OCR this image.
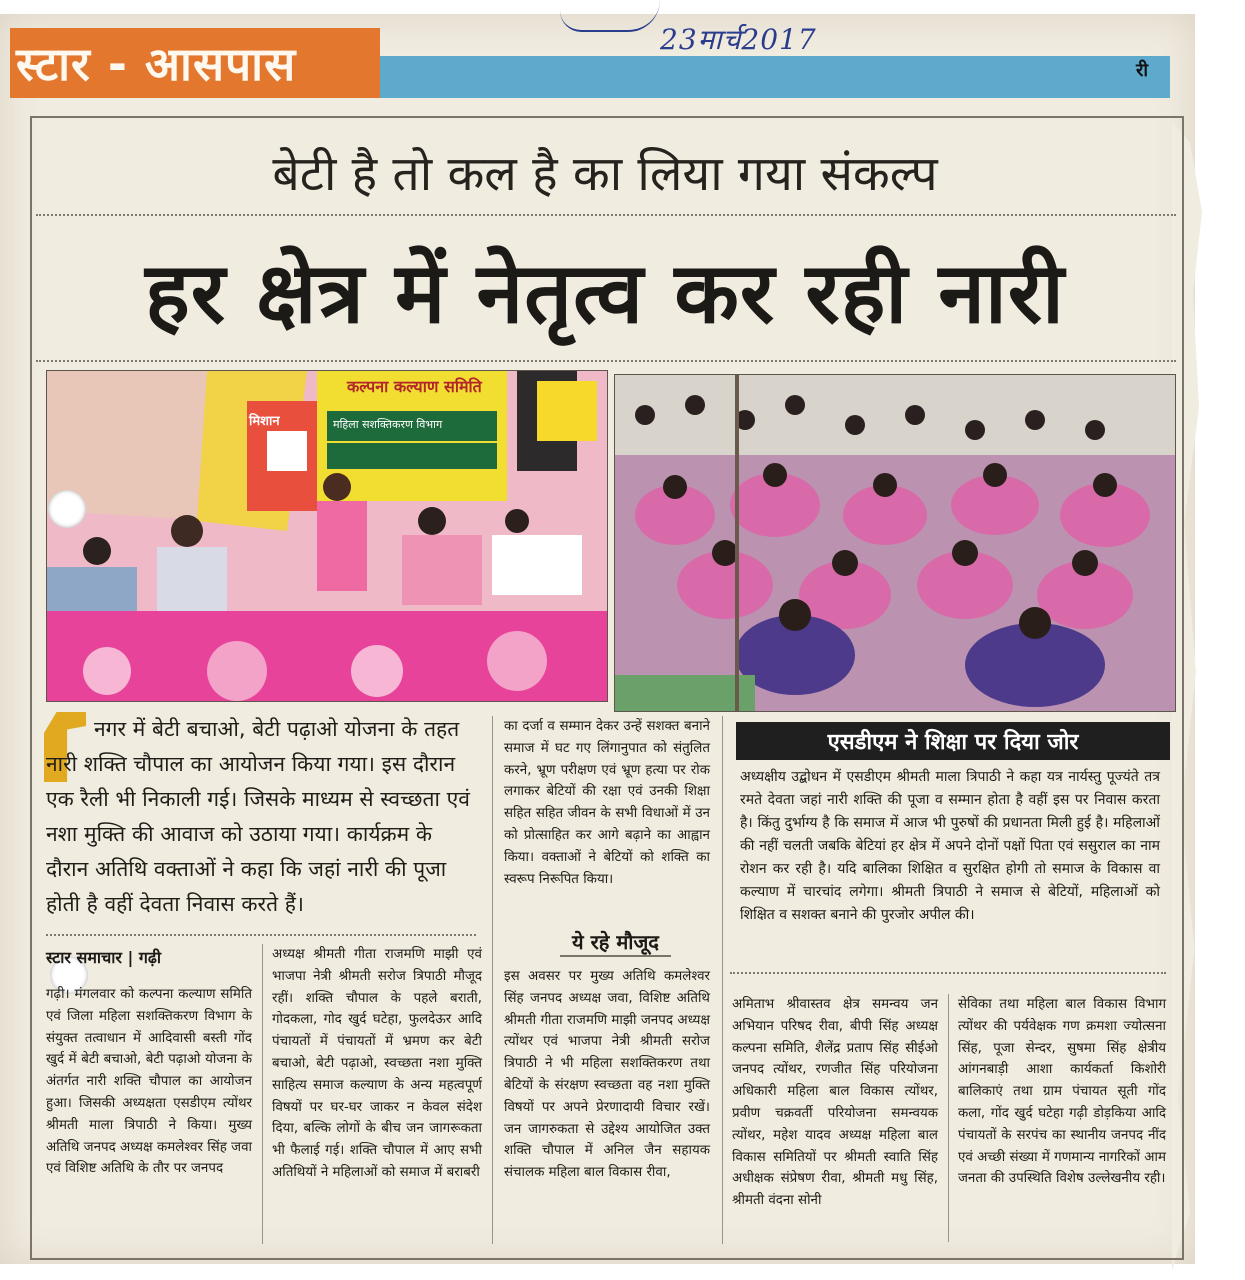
23मार्च2017
स्टार - आसपास	री
बेटी है तो कल है का लिया गया संकल्प
हर क्षेत्र में नेतृत्व कर रही नारी
कल्पना कल्याण समिति
महिला सशक्तिकरण विभाग
मिशान
नगर में बेटी बचाओ, बेटी पढ़ाओ योजना के तहत नारी शक्ति चौपाल का आयोजन किया गया। इस दौरान एक रैली भी निकाली गई। जिसके माध्यम से स्वच्छता एवं नशा मुक्ति की आवाज को उठाया गया। कार्यक्रम के दौरान अतिथि वक्ताओं ने कहा कि जहां नारी की पूजा होती है वहीं देवता निवास करते हैं।
स्टार समाचार | गढ़ी
गढ़ी। मंगलवार को कल्पना कल्याण समिति एवं जिला महिला सशक्तिकरण विभाग के संयुक्त तत्वाधान में आदिवासी बस्ती गोंद खुर्द में बेटी बचाओ, बेटी पढ़ाओ योजना के अंतर्गत नारी शक्ति चौपाल का आयोजन हुआ। जिसकी अध्यक्षता एसडीएम त्योंथर श्रीमती माला त्रिपाठी ने किया। मुख्य अतिथि जनपद अध्यक्ष कमलेश्वर सिंह जवा एवं विशिष्ट अतिथि के तौर पर जनपद
अध्यक्ष श्रीमती गीता राजमणि माझी एवं भाजपा नेत्री श्रीमती सरोज त्रिपाठी मौजूद रहीं। शक्ति चौपाल के पहले बराती, गोदकला, गोद खुर्द घटेहा, फुलदेऊर आदि पंचायतों में पंचायतों में भ्रमण कर बेटी बचाओ, बेटी पढ़ाओ, स्वच्छता नशा मुक्ति साहित्य समाज कल्याण के अन्य महत्वपूर्ण विषयों पर घर-घर जाकर न केवल संदेश दिया, बल्कि लोगों के बीच जन जागरूकता भी फैलाई गई। शक्ति चौपाल में आए सभी अतिथियों ने महिलाओं को समाज में बराबरी
का दर्जा व सम्मान देकर उन्हें सशक्त बनाने समाज में घट गए लिंगानुपात को संतुलित करने, भ्रूण परीक्षण एवं भ्रूण हत्या पर रोक लगाकर बेटियों की रक्षा एवं उनकी शिक्षा सहित सहित जीवन के सभी विधाओं में उन को प्रोत्साहित कर आगे बढ़ाने का आह्वान किया। वक्ताओं ने बेटियों को शक्ति का स्वरूप निरूपित किया।
ये रहे मौजूद
इस अवसर पर मुख्य अतिथि कमलेश्वर सिंह जनपद अध्यक्ष जवा, विशिष्ट अतिथि श्रीमती गीता राजमणि माझी जनपद अध्यक्ष त्योंथर एवं भाजपा नेत्री श्रीमती सरोज त्रिपाठी ने भी महिला सशक्तिकरण तथा बेटियों के संरक्षण स्वच्छता वह नशा मुक्ति विषयों पर अपने प्रेरणादायी विचार रखें। जन जागरुकता से उद्देश्य आयोजित उक्त शक्ति चौपाल में अनिल जैन सहायक संचालक महिला बाल विकास रीवा,
एसडीएम ने शिक्षा पर दिया जोर
अध्यक्षीय उद्बोधन में एसडीएम श्रीमती माला त्रिपाठी ने कहा यत्र नार्यस्तु पूज्यंते तत्र रमते देवता जहां नारी शक्ति की पूजा व सम्मान होता है वहीं इस पर निवास करता है। किंतु दुर्भाग्य है कि समाज में आज भी पुरुषों की प्रधानता मिली हुई है। महिलाओं की नहीं चलती जबकि बेटियां हर क्षेत्र में अपने दोनों पक्षों पिता एवं ससुराल का नाम रोशन कर रही है। यदि बालिका शिक्षित व सुरक्षित होगी तो समाज के विकास वा कल्याण में चारचांद लगेगा। श्रीमती त्रिपाठी ने समाज से बेटियों, महिलाओं को शिक्षित व सशक्त बनाने की पुरजोर अपील की।
अमिताभ श्रीवास्तव क्षेत्र समन्वय जन अभियान परिषद रीवा, बीपी सिंह अध्यक्ष कल्पना समिति, शैलेंद्र प्रताप सिंह सीईओ जनपद त्योंथर, रणजीत सिंह परियोजना अधिकारी महिला बाल विकास त्योंथर, प्रवीण चक्रवर्ती परियोजना समन्वयक त्योंथर, महेश यादव अध्यक्ष महिला बाल विकास समितियों पर श्रीमती स्वाति सिंह अधीक्षक संप्रेषण रीवा, श्रीमती मधु सिंह, श्रीमती वंदना सोनी
सेविका तथा महिला बाल विकास विभाग त्योंथर की पर्यवेक्षक गण क्रमशा ज्योत्सना सिंह, पूजा सेन्दर, सुषमा सिंह क्षेत्रीय आंगनबाड़ी आशा कार्यकर्ता किशोरी बालिकाएं तथा ग्राम पंचायत सूती गोंद कला, गोंद खुर्द घटेहा गढ़ी डोड़किया आदि पंचायतों के सरपंच का स्थानीय जनपद नींद एवं अच्छी संख्या में गणमान्य नागरिकों आम जनता की उपस्थिति विशेष उल्लेखनीय रही।
